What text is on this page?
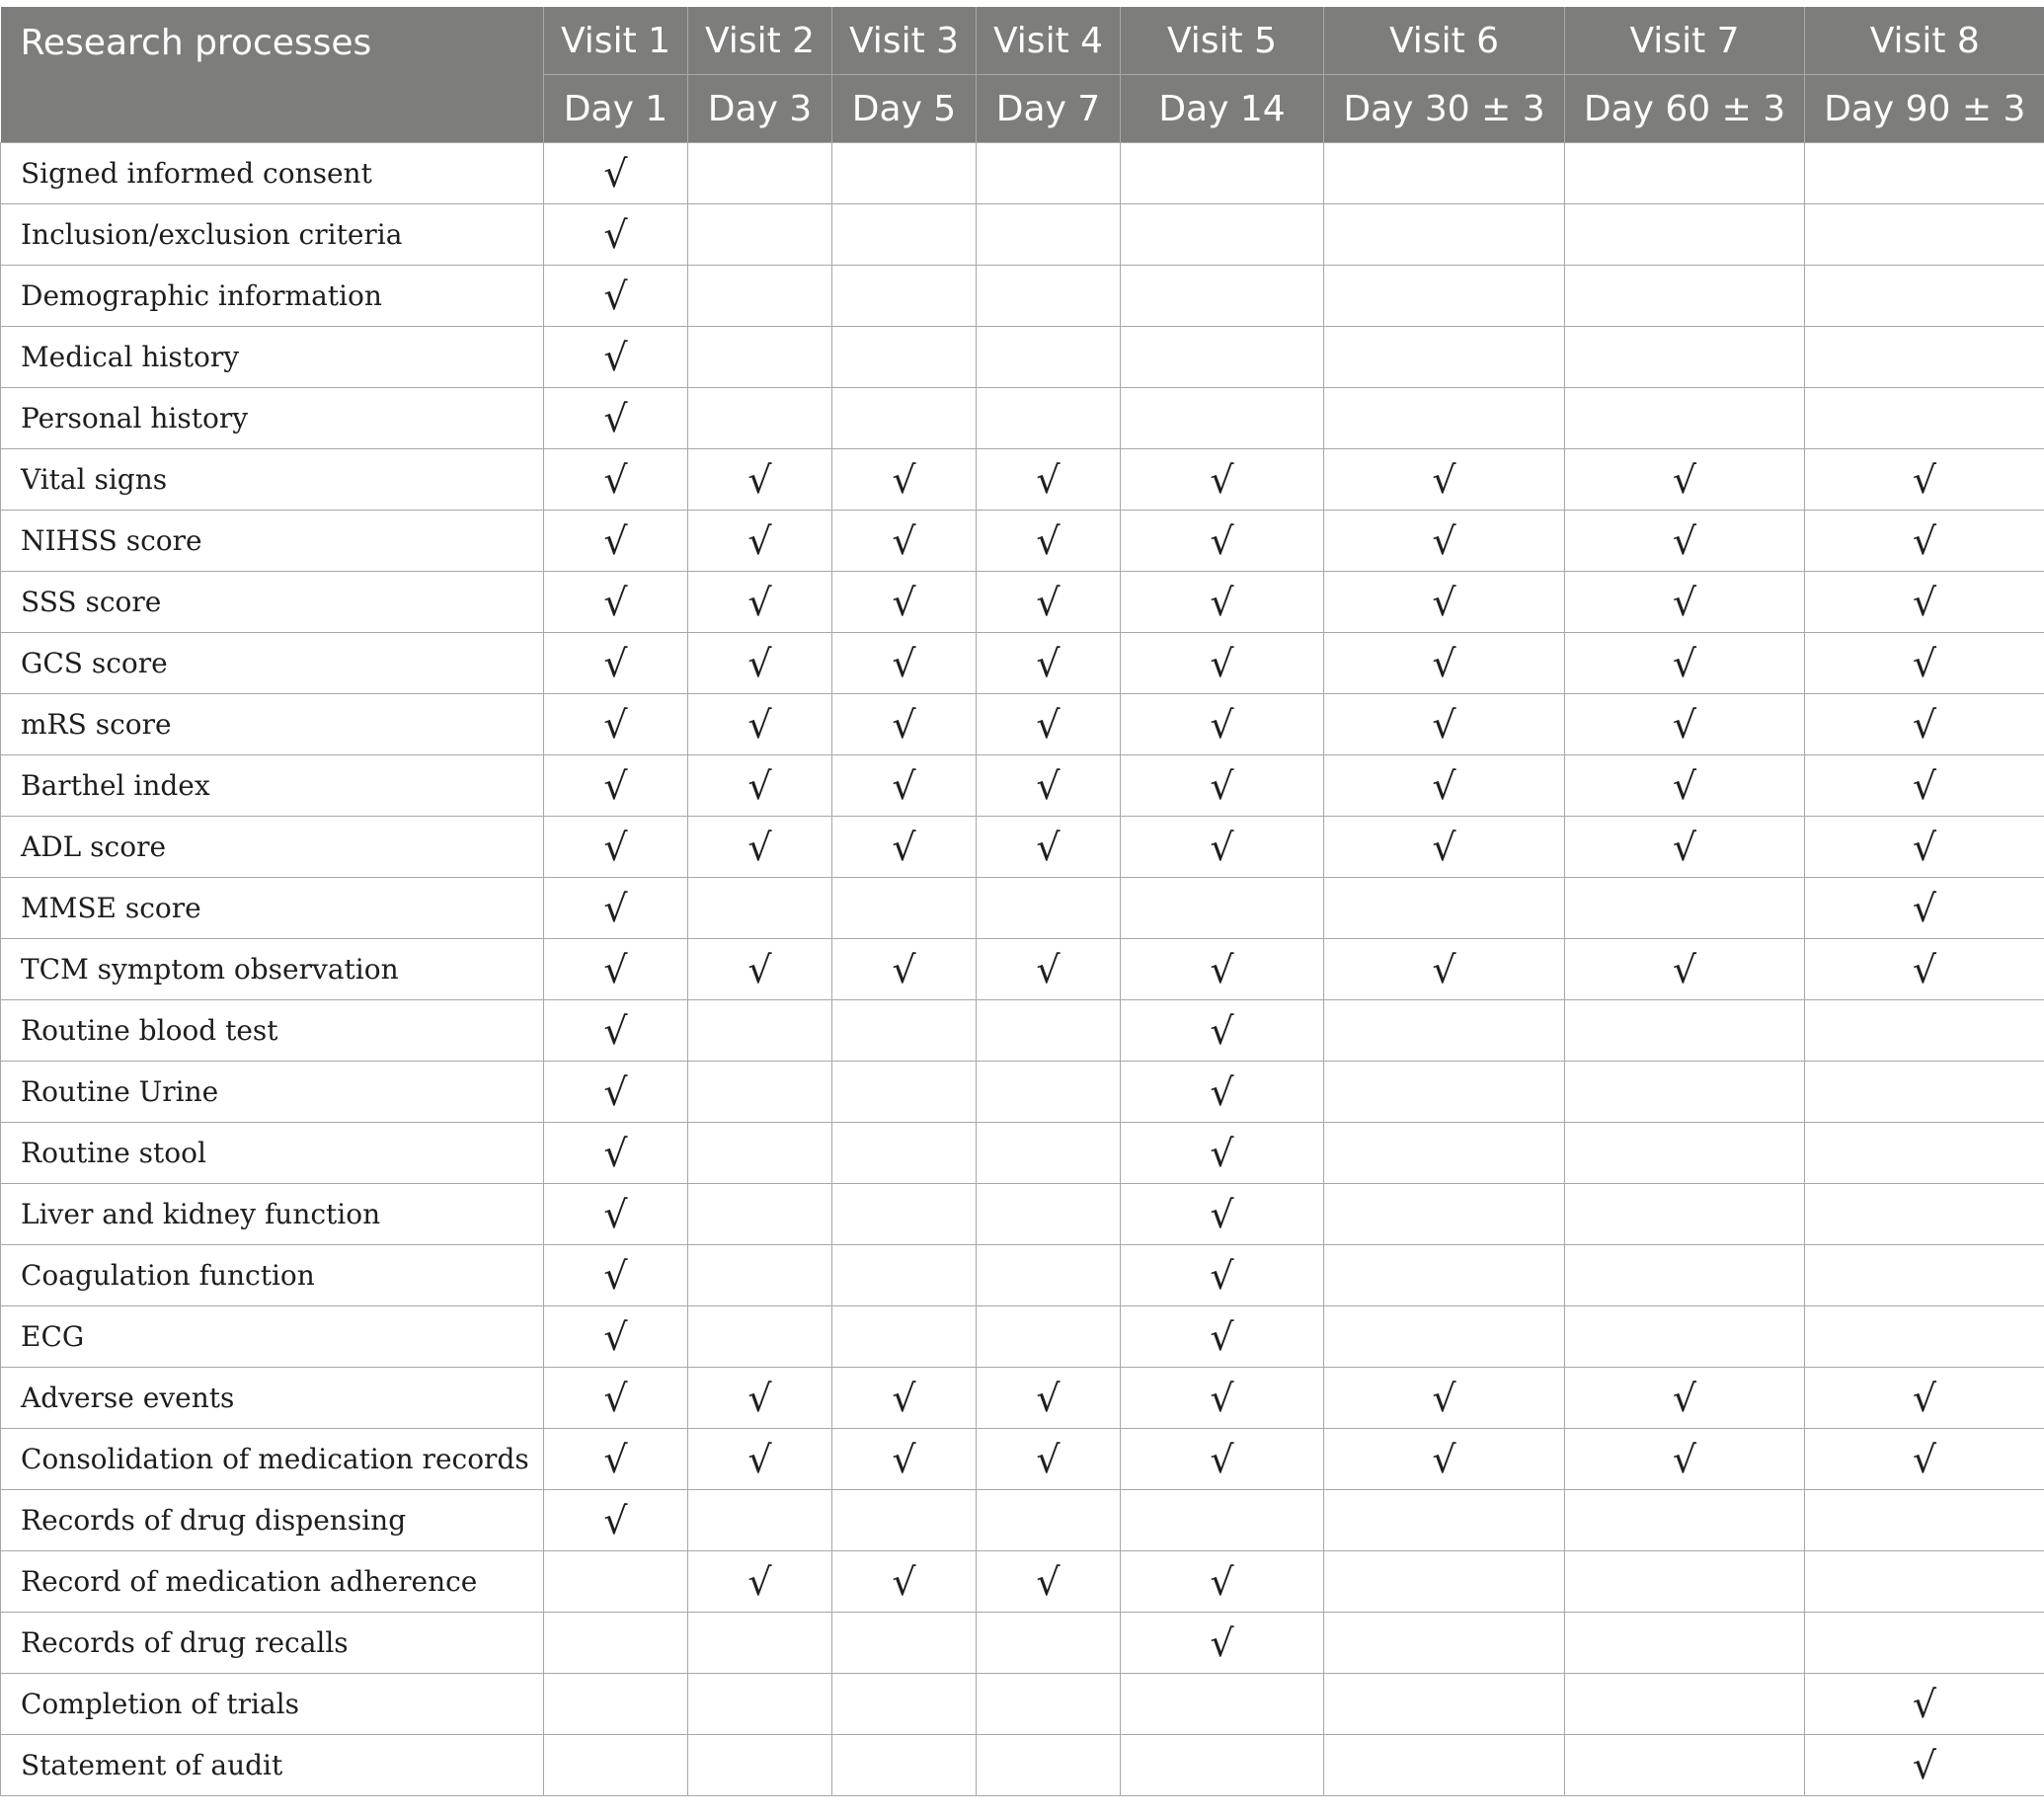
Research processes	Visit 1	Visit 2	Visit 3	Visit 4	Visit 5	Visit 6	Visit 7	Visit 8
	Day 1	Day 3	Day 5	Day 7	Day 14	Day 30 ± 3	Day 60 ± 3	Day 90 ± 3
Signed informed consent	√							
Inclusion/exclusion criteria	√							
Demographic information	√							
Medical history	√							
Personal history	√							
Vital signs	√	√	√	√	√	√	√	√
NIHSS score	√	√	√	√	√	√	√	√
SSS score	√	√	√	√	√	√	√	√
GCS score	√	√	√	√	√	√	√	√
mRS score	√	√	√	√	√	√	√	√
Barthel index	√	√	√	√	√	√	√	√
ADL score	√	√	√	√	√	√	√	√
MMSE score	√							√
TCM symptom observation	√	√	√	√	√	√	√	√
Routine blood test	√				√			
Routine Urine	√				√			
Routine stool	√				√			
Liver and kidney function	√				√			
Coagulation function	√				√			
ECG	√				√			
Adverse events	√	√	√	√	√	√	√	√
Consolidation of medication records	√	√	√	√	√	√	√	√
Records of drug dispensing	√							
Record of medication adherence		√	√	√	√			
Records of drug recalls					√			
Completion of trials								√
Statement of audit								√
